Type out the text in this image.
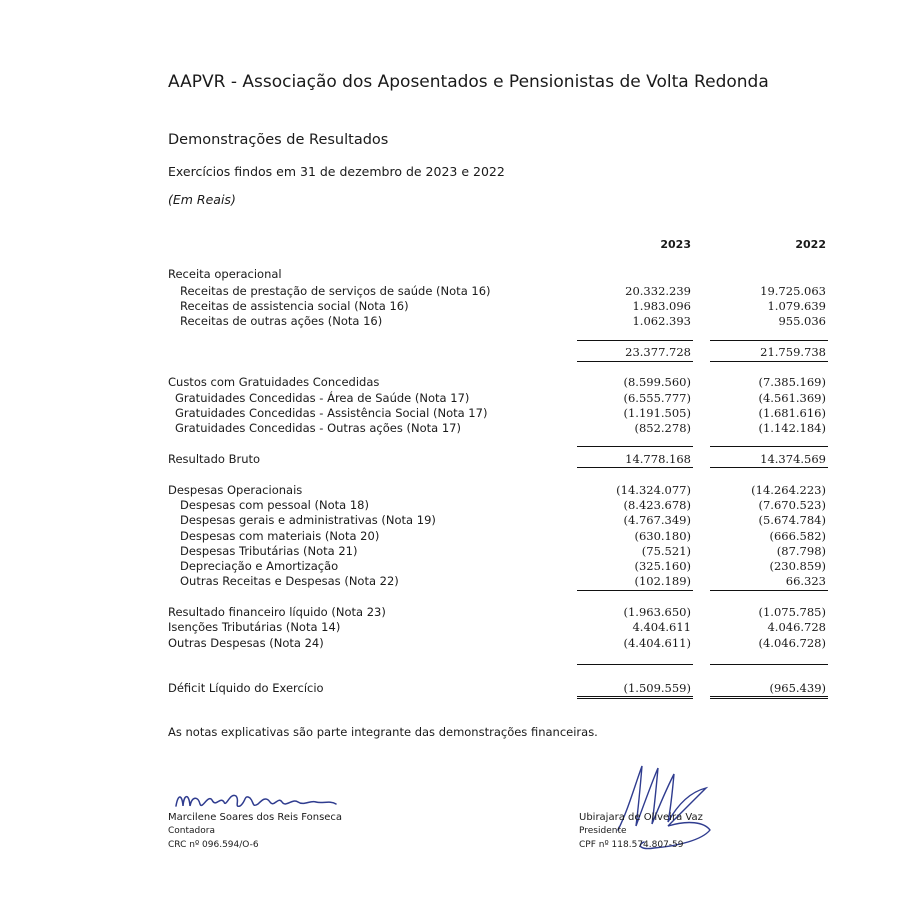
AAPVR - Associação dos Aposentados e Pensionistas de Volta Redonda
Demonstrações de Resultados
Exercícios findos em 31 de dezembro de 2023 e 2022
(Em Reais)
2023	2022
Receita operacional
Receitas de prestação de serviços de saúde (Nota 16)	20.332.239	19.725.063
Receitas de assistencia social (Nota 16)	1.983.096	1.079.639
Receitas de outras ações (Nota 16)	1.062.393	955.036
23.377.728	21.759.738
Custos com Gratuidades Concedidas	(8.599.560)	(7.385.169)
Gratuidades Concedidas - Área de Saúde (Nota 17)	(6.555.777)	(4.561.369)
Gratuidades Concedidas - Assistência Social (Nota 17)	(1.191.505)	(1.681.616)
Gratuidades Concedidas - Outras ações (Nota 17)	(852.278)	(1.142.184)
Resultado Bruto	14.778.168	14.374.569
Despesas Operacionais	(14.324.077)	(14.264.223)
Despesas com pessoal (Nota 18)	(8.423.678)	(7.670.523)
Despesas gerais e administrativas (Nota 19)	(4.767.349)	(5.674.784)
Despesas com materiais (Nota 20)	(630.180)	(666.582)
Despesas Tributárias (Nota 21)	(75.521)	(87.798)
Depreciação e Amortização	(325.160)	(230.859)
Outras Receitas e Despesas (Nota 22)	(102.189)	66.323
Resultado financeiro líquido (Nota 23)	(1.963.650)	(1.075.785)
Isenções Tributárias (Nota 14)	4.404.611	4.046.728
Outras Despesas (Nota 24)	(4.404.611)	(4.046.728)
Déficit Líquido do Exercício	(1.509.559)	(965.439)
As notas explicativas são parte integrante das demonstrações financeiras.
Marcilene Soares dos Reis Fonseca
Contadora
CRC nº 096.594/O-6
Ubirajara de Oliveira Vaz
Presidente
CPF nº 118.574.807-59
